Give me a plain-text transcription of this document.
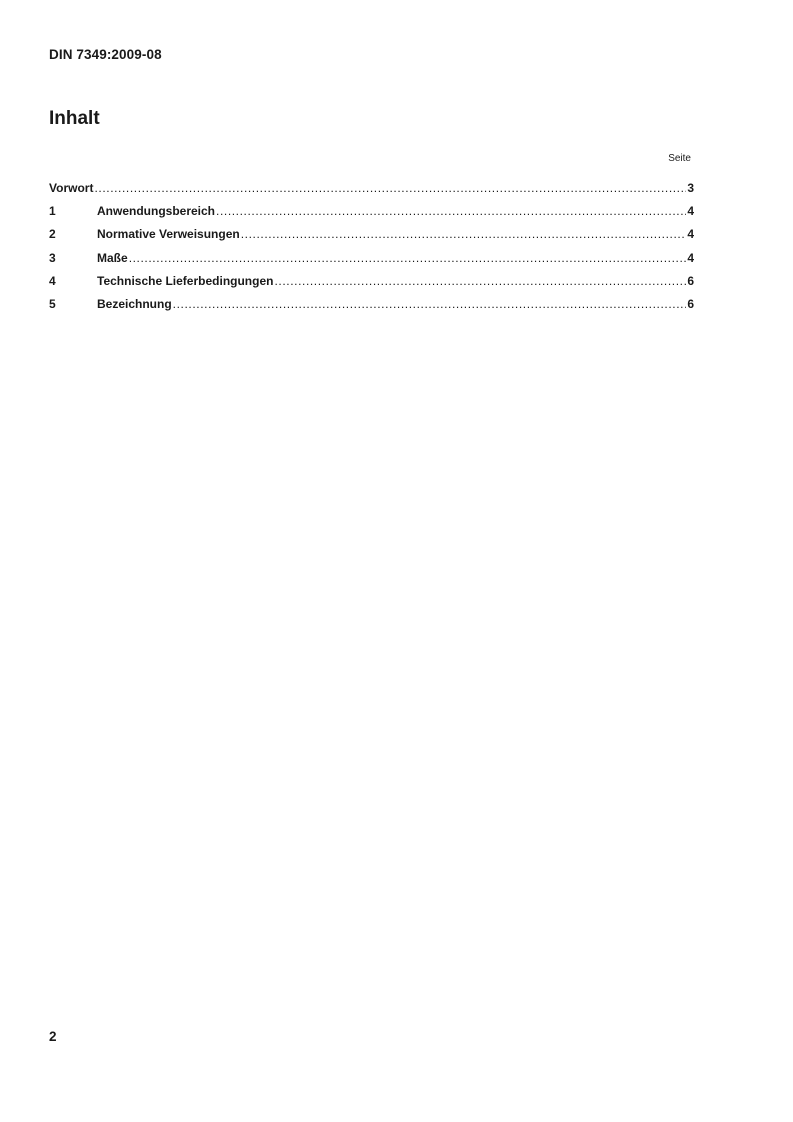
DIN 7349:2009-08
Inhalt
Seite
Vorwort .....	3
1	Anwendungsbereich .....	4
2	Normative Verweisungen .....	4
3	Maße .....	4
4	Technische Lieferbedingungen .....	6
5	Bezeichnung .....	6
2
